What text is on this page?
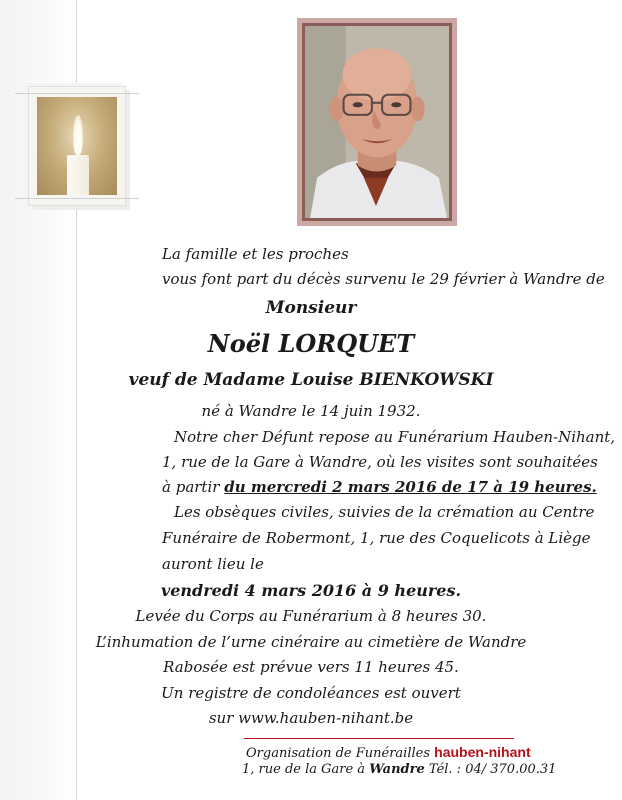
La famille et les proches
vous font part du décès survenu le 29 février à Wandre de
Monsieur
Noël LORQUET
veuf de Madame Louise BIENKOWSKI
né à Wandre le 14 juin 1932.
Notre cher Défunt repose au Funérarium Hauben-Nihant,
1, rue de la Gare à Wandre, où les visites sont souhaitées
à partir du mercredi 2 mars 2016 de 17 à 19 heures.
Les obsèques civiles, suivies de la crémation au Centre
Funéraire de Robermont, 1, rue des Coquelicots à Liège
auront lieu le
vendredi 4 mars 2016 à 9 heures.
Levée du Corps au Funérarium à 8 heures 30.
L’inhumation de l’urne cinéraire au cimetière de Wandre
Rabosée est prévue vers 11 heures 45.
Un registre de condoléances est ouvert
sur www.hauben-nihant.be
Organisation de Funérailles hauben-nihant
1, rue de la Gare à Wandre Tél. : 04/ 370.00.31
